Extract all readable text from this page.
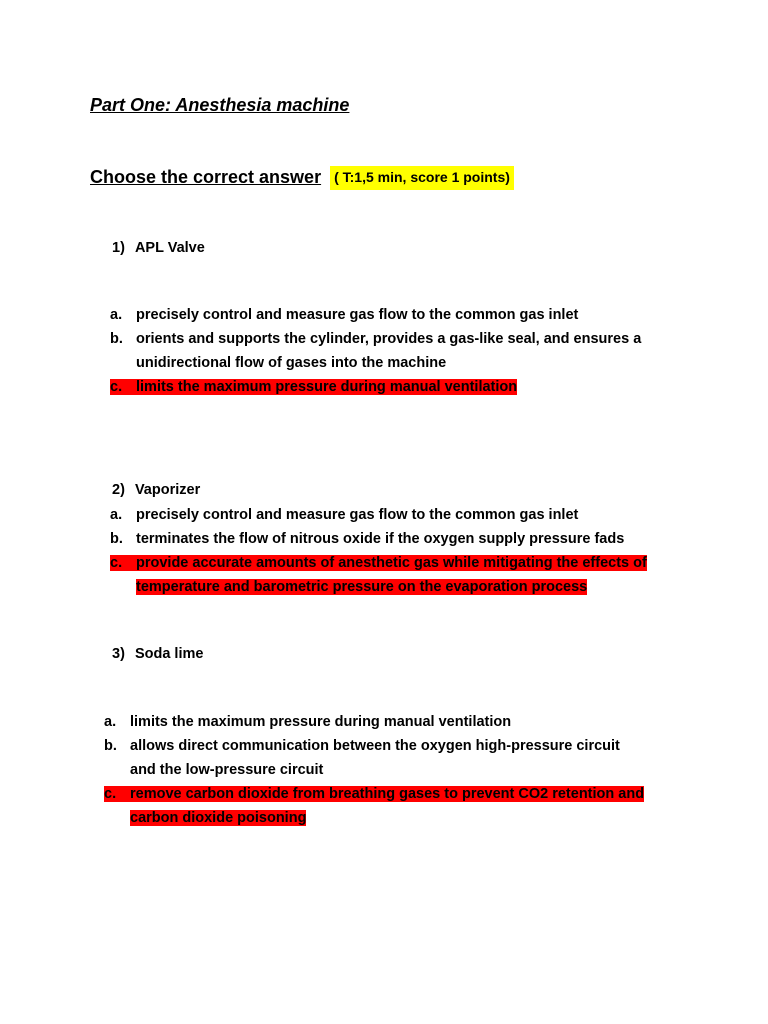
Part One: Anesthesia machine
Choose the correct answer ( T:1,5 min, score 1 points)
1) APL Valve
a. precisely control and measure gas flow to the common gas inlet
b. orients and supports the cylinder, provides a gas-like seal, and ensures a
unidirectional flow of gases into the machine
c. limits the maximum pressure during manual ventilation
2) Vaporizer
a. precisely control and measure gas flow to the common gas inlet
b. terminates the flow of nitrous oxide if the oxygen supply pressure fads
c. provide accurate amounts of anesthetic gas while mitigating the effects of
temperature and barometric pressure on the evaporation process
3) Soda lime
a. limits the maximum pressure during manual ventilation
b. allows direct communication between the oxygen high-pressure circuit
and the low-pressure circuit
c. remove carbon dioxide from breathing gases to prevent CO2 retention and
carbon dioxide poisoning
